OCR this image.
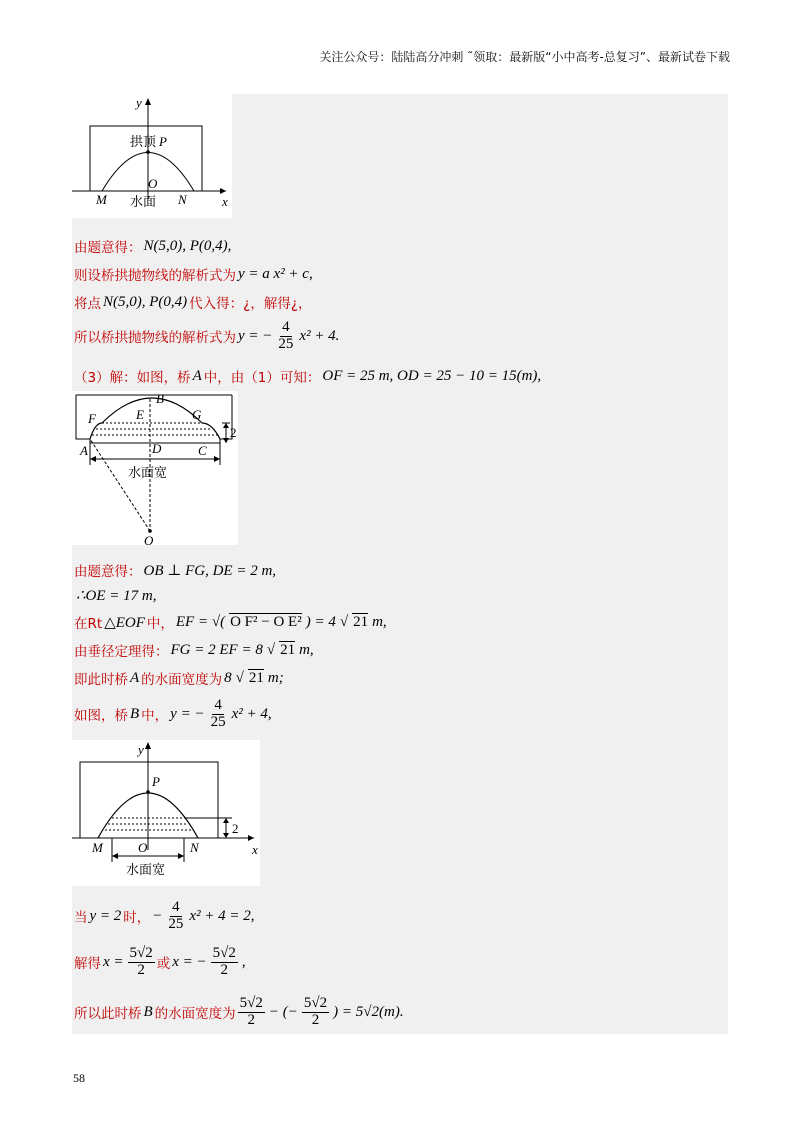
关注公众号：陆陆高分冲刺 ˜领取：最新版“小中高考-总复习”、最新试卷下载
y
x
拱顶 P
O
M	N
水面
由题意得： N(5,0), P(0,4),
则设桥拱抛物线的解析式为 y = a x² + c,
将点 N(5,0), P(0,4) 代入得：¿，解得¿，
所以桥拱抛物线的解析式为 y = − $\frac{4}{25} x^2 + 4$.
（3）解：如图，桥 A 中，由（1）可知： OF = 25 m, OD = 25 − 10 = 15(m),
2
F	E
B
G
A	D	C
水面宽
O
由题意得： OB ⊥ FG, DE = 2 m,
∴OE = 17 m,
在Rt △EOF 中， EF = √( O F² − O E² ) = 4 √ 21 m,
由垂径定理得： FG = 2 EF = 8 √ 21 m,
即此时桥 A 的水面宽度为 8 √ 21 m;
如图，桥 B 中， y = − $\frac{4}{25} x^2 + 4$,
2
y
x
P
M	O	N
水面宽
当 y = 2 时， − $\frac{4}{25} x^2 + 4 = 2$,
解得 $x = \frac{5√2}{2}$ 或 x = − $\frac{5√2}{2}$ ,
所以此时桥 B 的水面宽度为 $\frac{5√2}{2}$ − (− $\frac{5√2}{2}$ ) = 5√2(m).
58
